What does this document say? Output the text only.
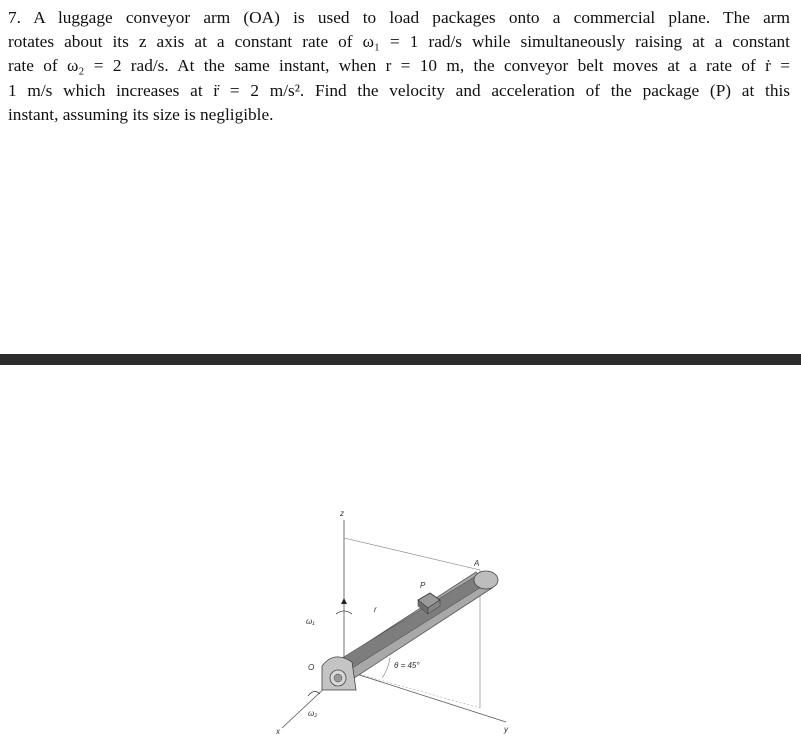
7. A luggage conveyor arm (OA) is used to load packages onto a commercial plane. The arm
rotates about its z axis at a constant rate of ω₁ = 1 rad/s while simultaneously raising at a constant
rate of ω₂ = 2 rad/s. At the same instant, when r = 10 m, the conveyor belt moves at a rate of ṙ =
1 m/s which increases at r̈ = 2 m/s². Find the velocity and acceleration of the package (P) at this
instant, assuming its size is negligible.
z
A
P
r
ω₁
O	θ = 45°
ω₂
x	y
